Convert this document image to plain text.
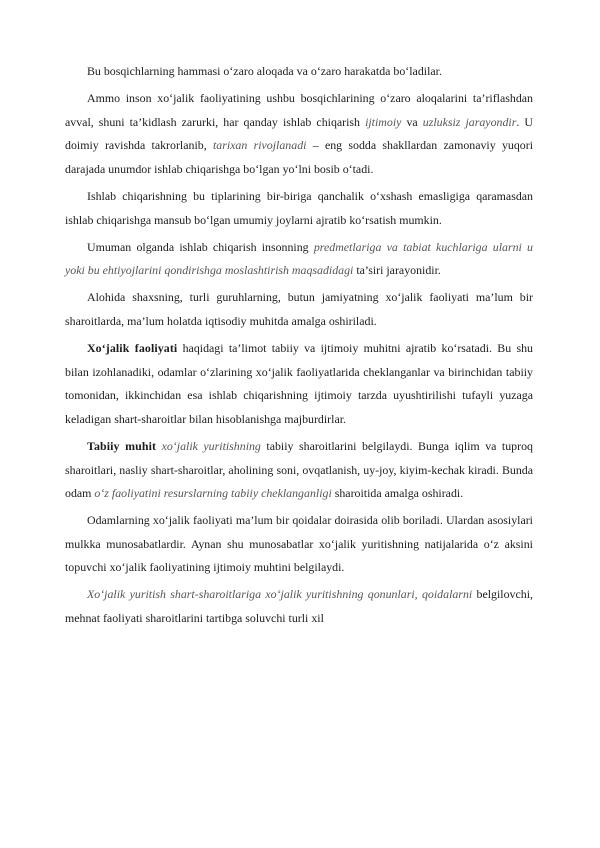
Bu bosqichlarning hammasi o‘zaro aloqada va o‘zaro harakatda bo‘ladilar.

Ammo inson xo‘jalik faoliyatining ushbu bosqichlarining o‘zaro aloqalarini ta’riflashdan avval, shuni ta’kidlash zarurki, har qanday ishlab chiqarish ijtimoiy va uzluksiz jarayondir. U doimiy ravishda takrorlanib, tarixan rivojlanadi – eng sodda shakllardan zamonaviy yuqori darajada unumdor ishlab chiqarishga bo‘lgan yo‘lni bosib o‘tadi.

Ishlab chiqarishning bu tiplarining bir-biriga qanchalik o‘xshash emasligiga qaramasdan ishlab chiqarishga mansub bo‘lgan umumiy joylarni ajratib ko‘rsatish mumkin.

Umuman olganda ishlab chiqarish insonning predmetlariga va tabiat kuchlariga ularni u yoki bu ehtiyojlarini qondirishga moslashtirish maqsadidagi ta’siri jarayonidir.

Alohida shaxsning, turli guruhlarning, butun jamiyatning xo‘jalik faoliyati ma’lum bir sharoitlarda, ma’lum holatda iqtisodiy muhitda amalga oshiriladi.

Xo‘jalik faoliyati haqidagi ta’limot tabiiy va ijtimoiy muhitni ajratib ko‘rsatadi. Bu shu bilan izohlanadiki, odamlar o‘zlarining xo‘jalik faoliyatlarida cheklanganlar va birinchidan tabiiy tomonidan, ikkinchidan esa ishlab chiqarishning ijtimoiy tarzda uyushtirilishi tufayli yuzaga keladigan shart-sharoitlar bilan hisoblanishga majburdirlar.

Tabiiy muhit xo‘jalik yuritishning tabiiy sharoitlarini belgilaydi. Bunga iqlim va tuproq sharoitlari, nasliy shart-sharoitlar, aholining soni, ovqatlanish, uy-joy, kiyim-kechak kiradi. Bunda odam o‘z faoliyatini resurslarning tabiiy cheklanganligi sharoitida amalga oshiradi.

Odamlarning xo‘jalik faoliyati ma’lum bir qoidalar doirasida olib boriladi. Ulardan asosiylari mulkka munosabatlardir. Aynan shu munosabatlar xo‘jalik yuritishning natijalarida o‘z aksini topuvchi xo‘jalik faoliyatining ijtimoiy muhtini belgilaydi.

Xo‘jalik yuritish shart-sharoitlariga xo‘jalik yuritishning qonunlari, qoidalarni belgilovchi, mehnat faoliyati sharoitlarini tartibga soluvchi turli xil
